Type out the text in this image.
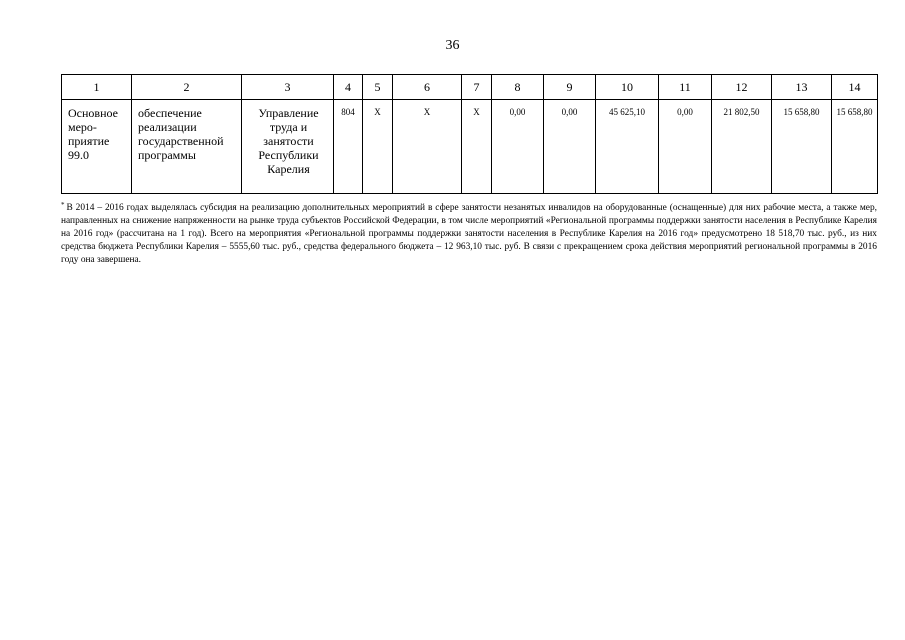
36
1	2	3	4	5	6	7	8	9	10	11	12	13	14
Основное меро-приятие 99.0	обеспечение реализации государственной программы	Управление труда и занятости Республики Карелия	804	Х	Х	Х	0,00	0,00	45 625,10	0,00	21 802,50	15 658,80	15 658,80
* В 2014 – 2016 годах выделялась субсидия на реализацию дополнительных мероприятий в сфере занятости незанятых инвалидов на оборудованные (оснащенные) для них рабочие места, а также мер, направленных на снижение напряженности на рынке труда субъектов Российской Федерации, в том числе мероприятий «Региональной программы поддержки занятости населения в Республике Карелия на 2016 год» (рассчитана на 1 год). Всего на мероприятия «Региональной программы поддержки занятости населения в Республике Карелия на 2016 год» предусмотрено 18 518,70 тыс. руб., из них средства бюджета Республики Карелия – 5555,60 тыс. руб., средства федерального бюджета – 12 963,10 тыс. руб. В связи с прекращением срока действия мероприятий региональной программы в 2016 году она завершена.
